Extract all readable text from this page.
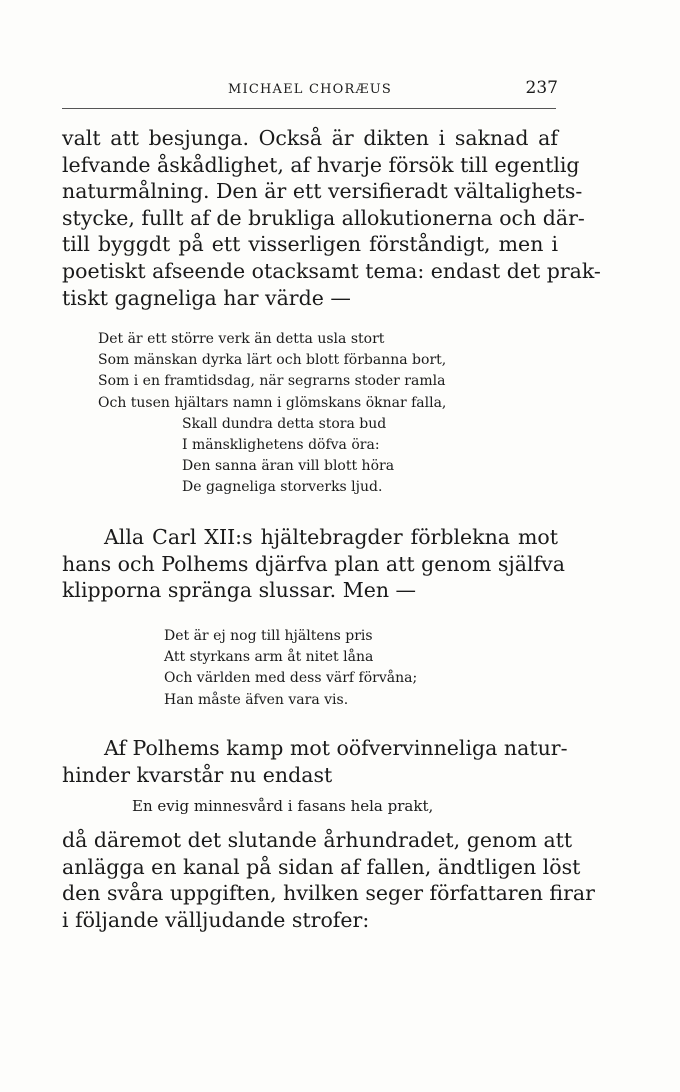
MICHAEL CHORÆUS	237

valt att besjunga. Också är dikten i saknad af
lefvande åskådlighet, af hvarje försök till egentlig
naturmålning. Den är ett versifieradt vältalighets-
stycke, fullt af de brukliga allokutionerna och där-
till byggdt på ett visserligen förståndigt, men i
poetiskt afseende otacksamt tema: endast det prak-
tiskt gagneliga har värde —

Det är ett större verk än detta usla stort
Som mänskan dyrka lärt och blott förbanna bort,
Som i en framtidsdag, när segrarns stoder ramla
Och tusen hjältars namn i glömskans öknar falla,
Skall dundra detta stora bud
I mänsklighetens döfva öra:
Den sanna äran vill blott höra
De gagneliga storverks ljud.

Alla Carl XII:s hjältebragder förblekna mot
hans och Polhems djärfva plan att genom själfva
klipporna spränga slussar. Men —

Det är ej nog till hjältens pris
Att styrkans arm åt nitet låna
Och världen med dess värf förvåna;
Han måste äfven vara vis.

Af Polhems kamp mot oöfvervinneliga natur-
hinder kvarstår nu endast

En evig minnesvård i fasans hela prakt,

då däremot det slutande århundradet, genom att
anlägga en kanal på sidan af fallen, ändtligen löst
den svåra uppgiften, hvilken seger författaren firar
i följande välljudande strofer:
